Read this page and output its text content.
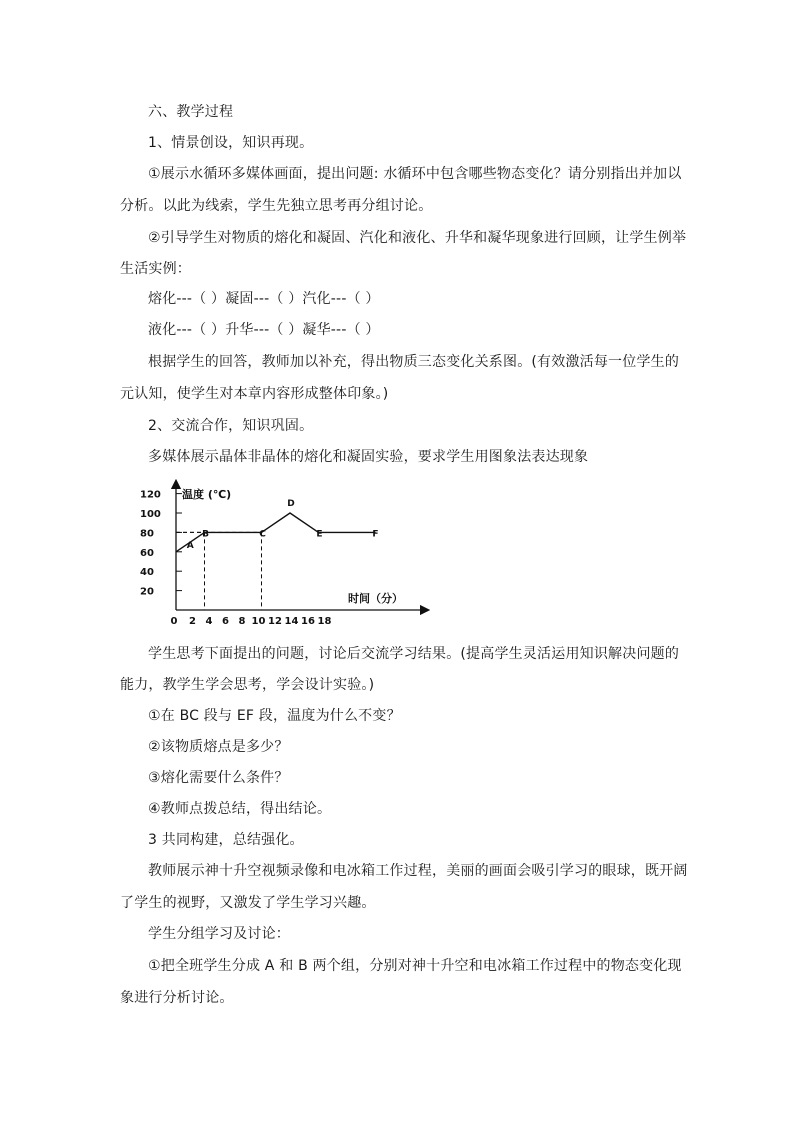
六、教学过程
1、情景创设，知识再现。
①展示水循环多媒体画面，提出问题: 水循环中包含哪些物态变化？请分别指出并加以
分析。以此为线索，学生先独立思考再分组讨论。
②引导学生对物质的熔化和凝固、汽化和液化、升华和凝华现象进行回顾，让学生例举
生活实例：
熔化---（ ）凝固---（ ）汽化---（ ）
液化---（ ）升华---（ ）凝华---（ ）
根据学生的回答，教师加以补充，得出物质三态变化关系图。(有效激活每一位学生的
元认知，使学生对本章内容形成整体印象。)
2、交流合作，知识巩固。
多媒体展示晶体非晶体的熔化和凝固实验，要求学生用图象法表达现象
温度 (℃)
时间（分）
0 2 4 6 8 10 12 14 16 18
20
40
60
80
100
120
B	C
D
E	F
A
学生思考下面提出的问题，讨论后交流学习结果。(提高学生灵活运用知识解决问题的
能力，教学生学会思考，学会设计实验。)
①在 BC 段与 EF 段，温度为什么不变？
②该物质熔点是多少？
③熔化需要什么条件？
④教师点拨总结，得出结论。
3 共同构建，总结强化。
教师展示神十升空视频录像和电冰箱工作过程，美丽的画面会吸引学习的眼球，既开阔
了学生的视野，又激发了学生学习兴趣。
学生分组学习及讨论：
①把全班学生分成 A 和 B 两个组，分别对神十升空和电冰箱工作过程中的物态变化现
象进行分析讨论。
